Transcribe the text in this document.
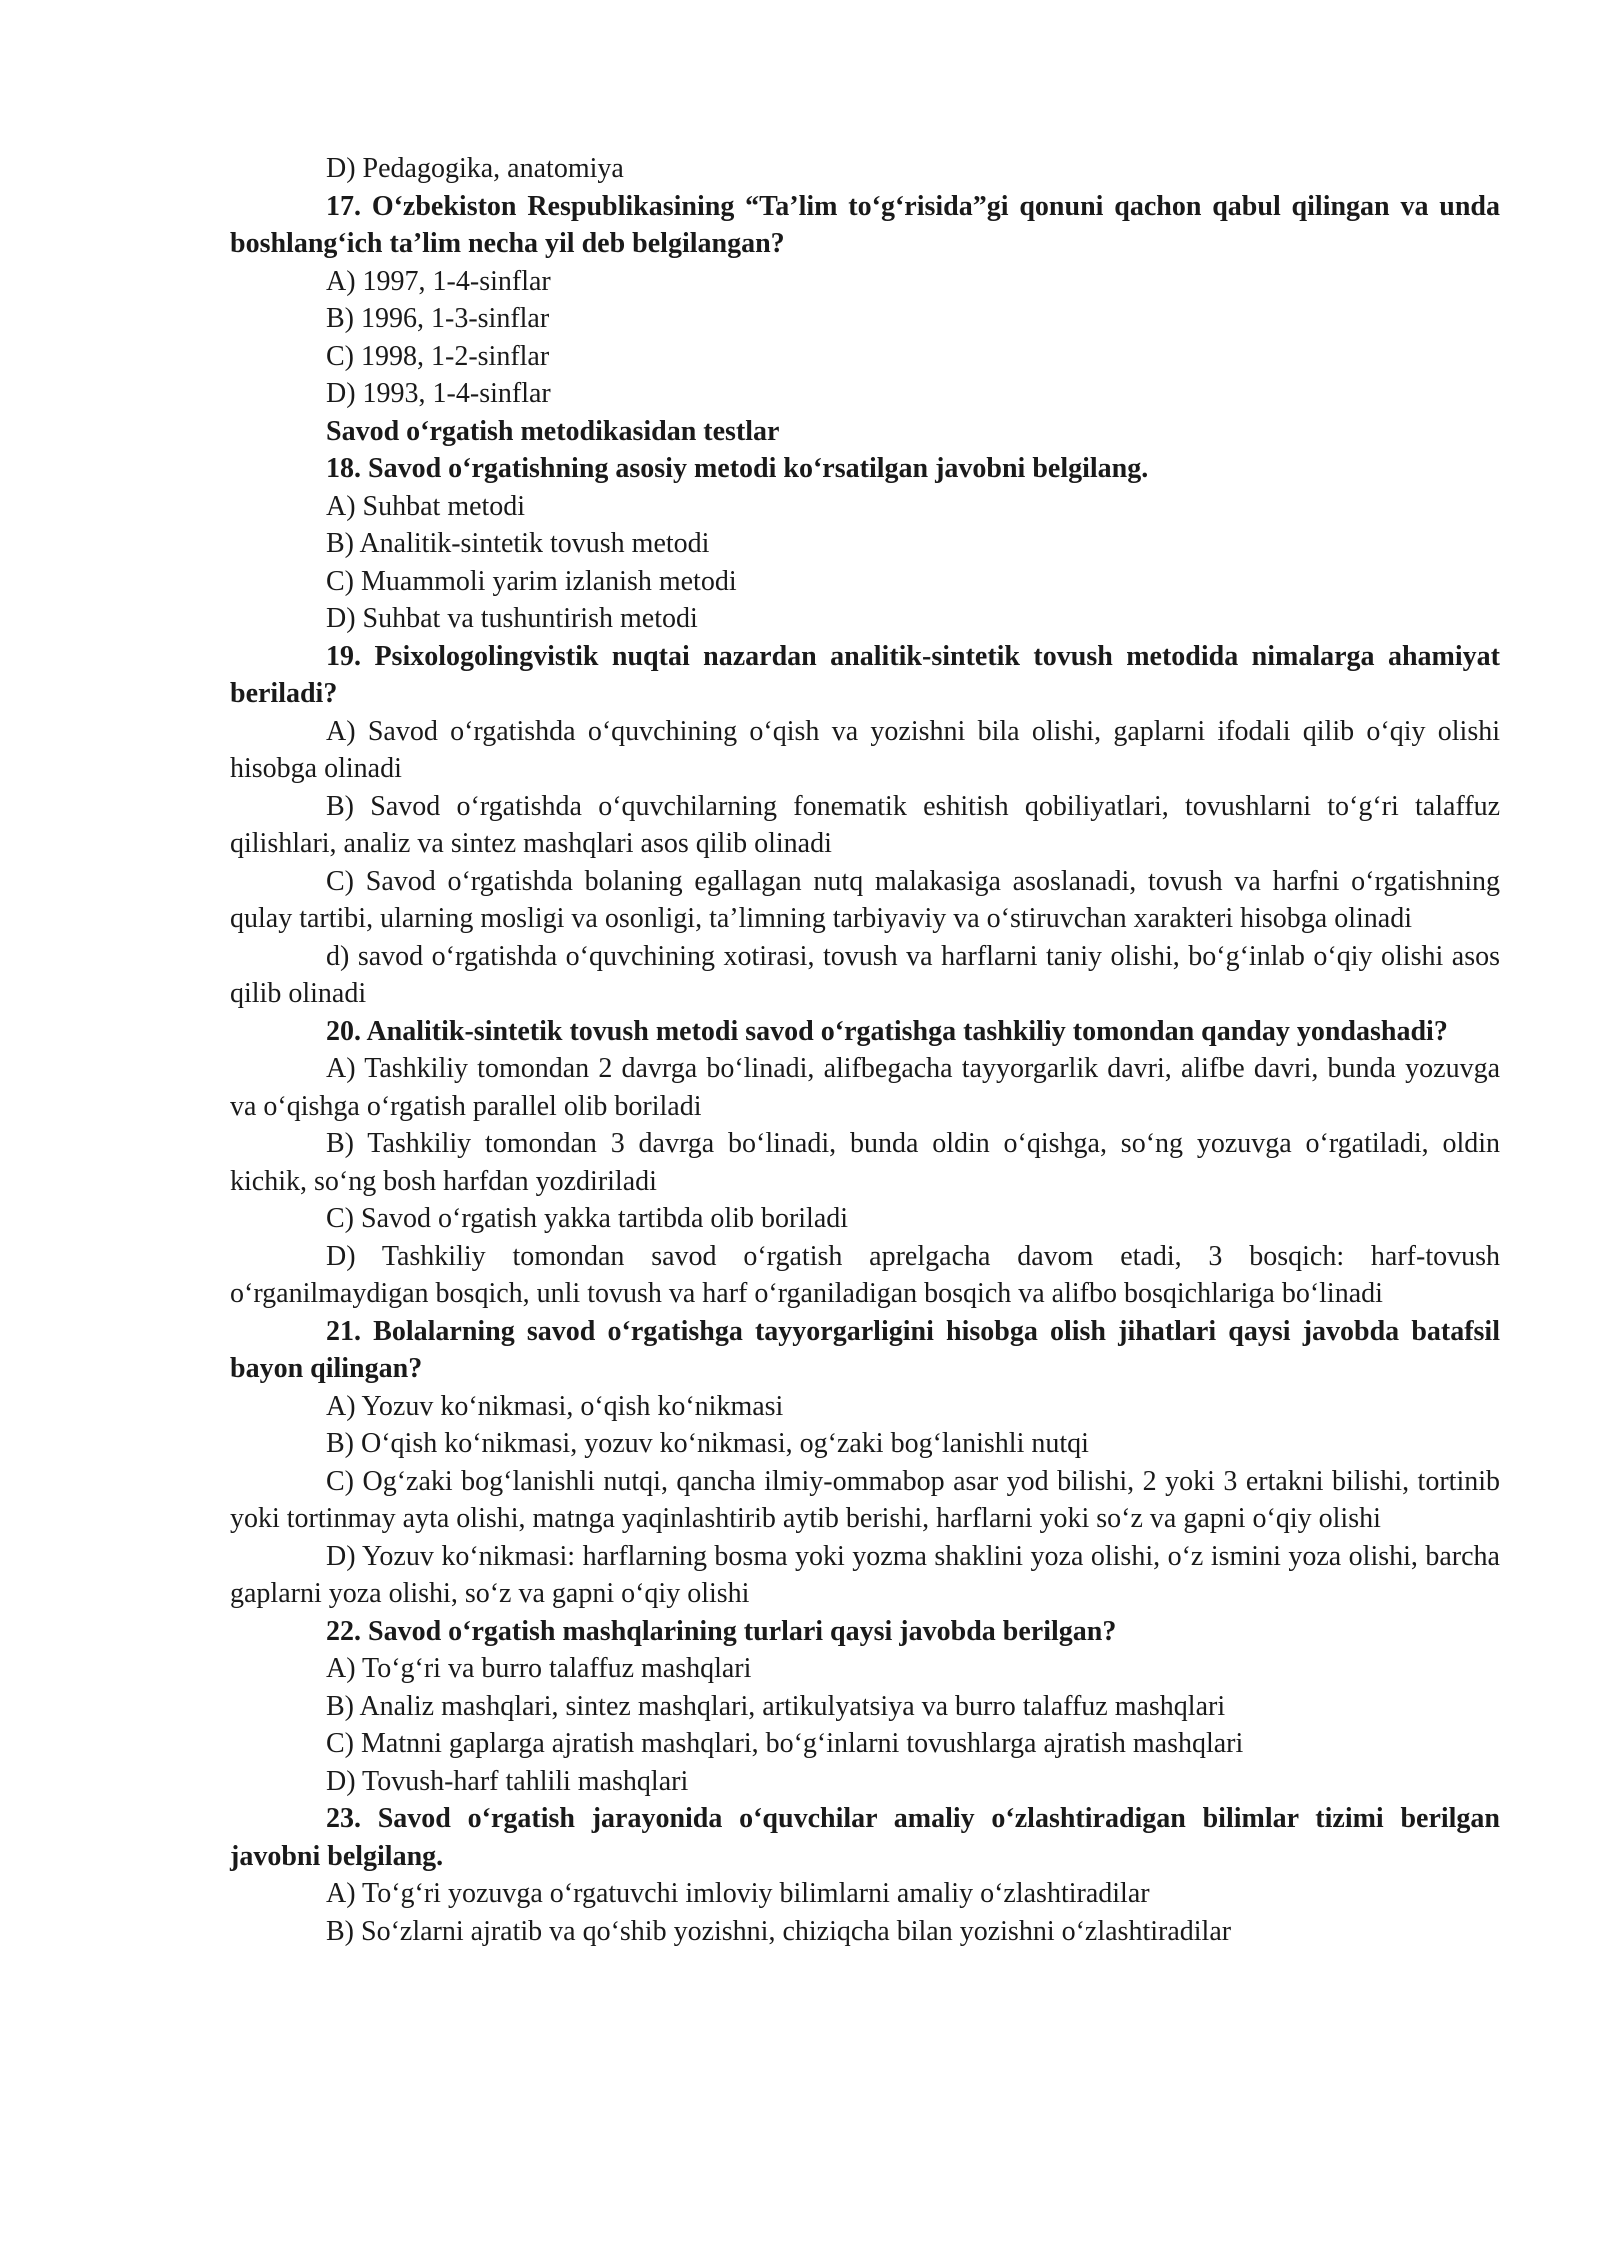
D) Pedagogika, anatomiya

17. O‘zbekiston Respublikasining “Ta’lim to‘g‘risida”gi qonuni qachon qabul qilingan va unda boshlang‘ich ta’lim necha yil deb belgilangan?

A) 1997, 1-4-sinflar

B) 1996, 1-3-sinflar

C) 1998, 1-2-sinflar

D) 1993, 1-4-sinflar

Savod o‘rgatish metodikasidan testlar

18. Savod o‘rgatishning asosiy metodi ko‘rsatilgan javobni belgilang.

A) Suhbat metodi

B) Analitik-sintetik tovush metodi

C) Muammoli yarim izlanish metodi

D) Suhbat va tushuntirish metodi

19. Psixologolingvistik nuqtai nazardan analitik-sintetik tovush metodida nimalarga ahamiyat beriladi?

A) Savod o‘rgatishda o‘quvchining o‘qish va yozishni bila olishi, gaplarni ifodali qilib o‘qiy olishi hisobga olinadi

B) Savod o‘rgatishda o‘quvchilarning fonematik eshitish qobiliyatlari, tovushlarni to‘g‘ri talaffuz qilishlari, analiz va sintez mashqlari asos qilib olinadi

C) Savod o‘rgatishda bolaning egallagan nutq malakasiga asoslanadi, tovush va harfni o‘rgatishning qulay tartibi, ularning mosligi va osonligi, ta’limning tarbiyaviy va o‘stiruvchan xarakteri hisobga olinadi

d) savod o‘rgatishda o‘quvchining xotirasi, tovush va harflarni taniy olishi, bo‘g‘inlab o‘qiy olishi asos qilib olinadi

20. Analitik-sintetik tovush metodi savod o‘rgatishga tashkiliy tomondan qanday yondashadi?

A) Tashkiliy tomondan 2 davrga bo‘linadi, alifbegacha tayyorgarlik davri, alifbe davri, bunda yozuvga va o‘qishga o‘rgatish parallel olib boriladi

B) Tashkiliy tomondan 3 davrga bo‘linadi, bunda oldin o‘qishga, so‘ng yozuvga o‘rgatiladi, oldin kichik, so‘ng bosh harfdan yozdiriladi

C) Savod o‘rgatish yakka tartibda olib boriladi

D) Tashkiliy tomondan savod o‘rgatish aprelgacha davom etadi, 3 bosqich: harf-tovush o‘rganilmaydigan bosqich, unli tovush va harf o‘rganiladigan bosqich va alifbo bosqichlariga bo‘linadi

21. Bolalarning savod o‘rgatishga tayyorgarligini hisobga olish jihatlari qaysi javobda batafsil bayon qilingan?

A) Yozuv ko‘nikmasi, o‘qish ko‘nikmasi

B) O‘qish ko‘nikmasi, yozuv ko‘nikmasi, og‘zaki bog‘lanishli nutqi

C) Og‘zaki bog‘lanishli nutqi, qancha ilmiy-ommabop asar yod bilishi, 2 yoki 3 ertakni bilishi, tortinib yoki tortinmay ayta olishi, matnga yaqinlashtirib aytib berishi, harflarni yoki so‘z va gapni o‘qiy olishi

D) Yozuv ko‘nikmasi: harflarning bosma yoki yozma shaklini yoza olishi, o‘z ismini yoza olishi, barcha gaplarni yoza olishi, so‘z va gapni o‘qiy olishi

22. Savod o‘rgatish mashqlarining turlari qaysi javobda berilgan?

A) To‘g‘ri va burro talaffuz mashqlari

B) Analiz mashqlari, sintez mashqlari, artikulyatsiya va burro talaffuz mashqlari

C) Matnni gaplarga ajratish mashqlari, bo‘g‘inlarni tovushlarga ajratish mashqlari

D) Tovush-harf tahlili mashqlari

23. Savod o‘rgatish jarayonida o‘quvchilar amaliy o‘zlashtiradigan bilimlar tizimi berilgan javobni belgilang.

A) To‘g‘ri yozuvga o‘rgatuvchi imloviy bilimlarni amaliy o‘zlashtiradilar

B) So‘zlarni ajratib va qo‘shib yozishni, chiziqcha bilan yozishni o‘zlashtiradilar
